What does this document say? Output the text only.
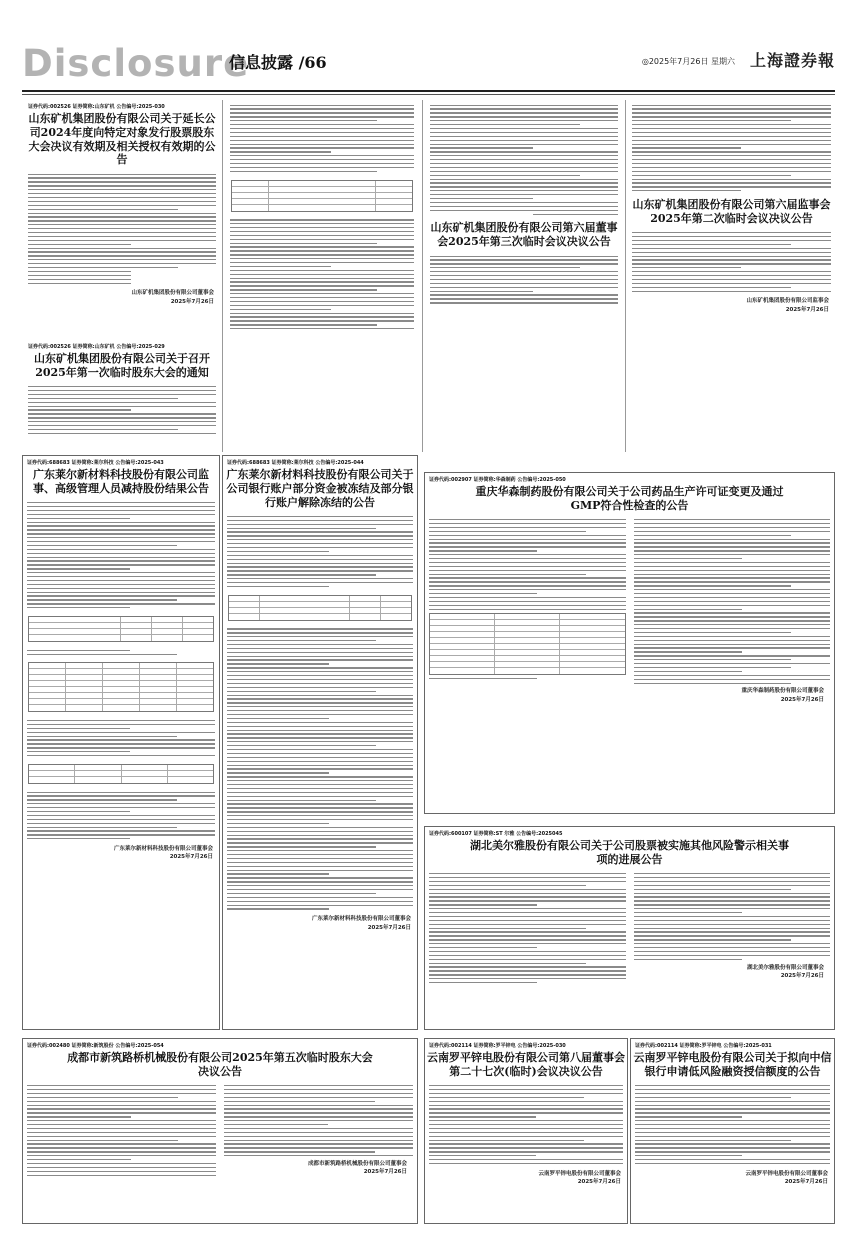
Disclosure
信息披露 /66	◎2025年7月26日 星期六 上海證券報
证券代码:002526 证券简称:山东矿机 公告编号:2025-030
山东矿机集团股份有限公司关于延长公司2024年度向特定对象发行股票股东大会决议有效期及相关授权有效期的公告
山东矿机集团股份有限公司董事会
2025年7月26日
证券代码:002526 证券简称:山东矿机 公告编号:2025-029
山东矿机集团股份有限公司关于召开2025年第一次临时股东大会的通知
山东矿机集团股份有限公司第六届董事会2025年第三次临时会议决议公告
山东矿机集团股份有限公司第六届监事会2025年第二次临时会议决议公告
山东矿机集团股份有限公司监事会
2025年7月26日
证券代码:688683 证券简称:莱尔科技 公告编号:2025-043
广东莱尔新材料科技股份有限公司监事、高级管理人员减持股份结果公告
广东莱尔新材料科技股份有限公司董事会
2025年7月26日
证券代码:688683 证券简称:莱尔科技 公告编号:2025-044
广东莱尔新材料科技股份有限公司关于公司银行账户部分资金被冻结及部分银行账户解除冻结的公告
广东莱尔新材料科技股份有限公司董事会
2025年7月26日
证券代码:002907 证券简称:华森制药 公告编号:2025-050
重庆华森制药股份有限公司关于公司药品生产许可证变更及通过GMP符合性检查的公告
重庆华森制药股份有限公司董事会
2025年7月26日
证券代码:600107 证券简称:ST 尔雅 公告编号:2025045
湖北美尔雅股份有限公司关于公司股票被实施其他风险警示相关事项的进展公告
湖北美尔雅股份有限公司董事会
2025年7月26日
证券代码:002480 证券简称:新筑股份 公告编号:2025-054
成都市新筑路桥机械股份有限公司2025年第五次临时股东大会决议公告
成都市新筑路桥机械股份有限公司董事会
2025年7月26日
证券代码:002114 证券简称:罗平锌电 公告编号:2025-030
云南罗平锌电股份有限公司第八届董事会第二十七次(临时)会议决议公告
云南罗平锌电股份有限公司董事会
2025年7月26日
证券代码:002114 证券简称:罗平锌电 公告编号:2025-031
云南罗平锌电股份有限公司关于拟向中信银行申请低风险融资授信额度的公告
云南罗平锌电股份有限公司董事会
2025年7月26日
